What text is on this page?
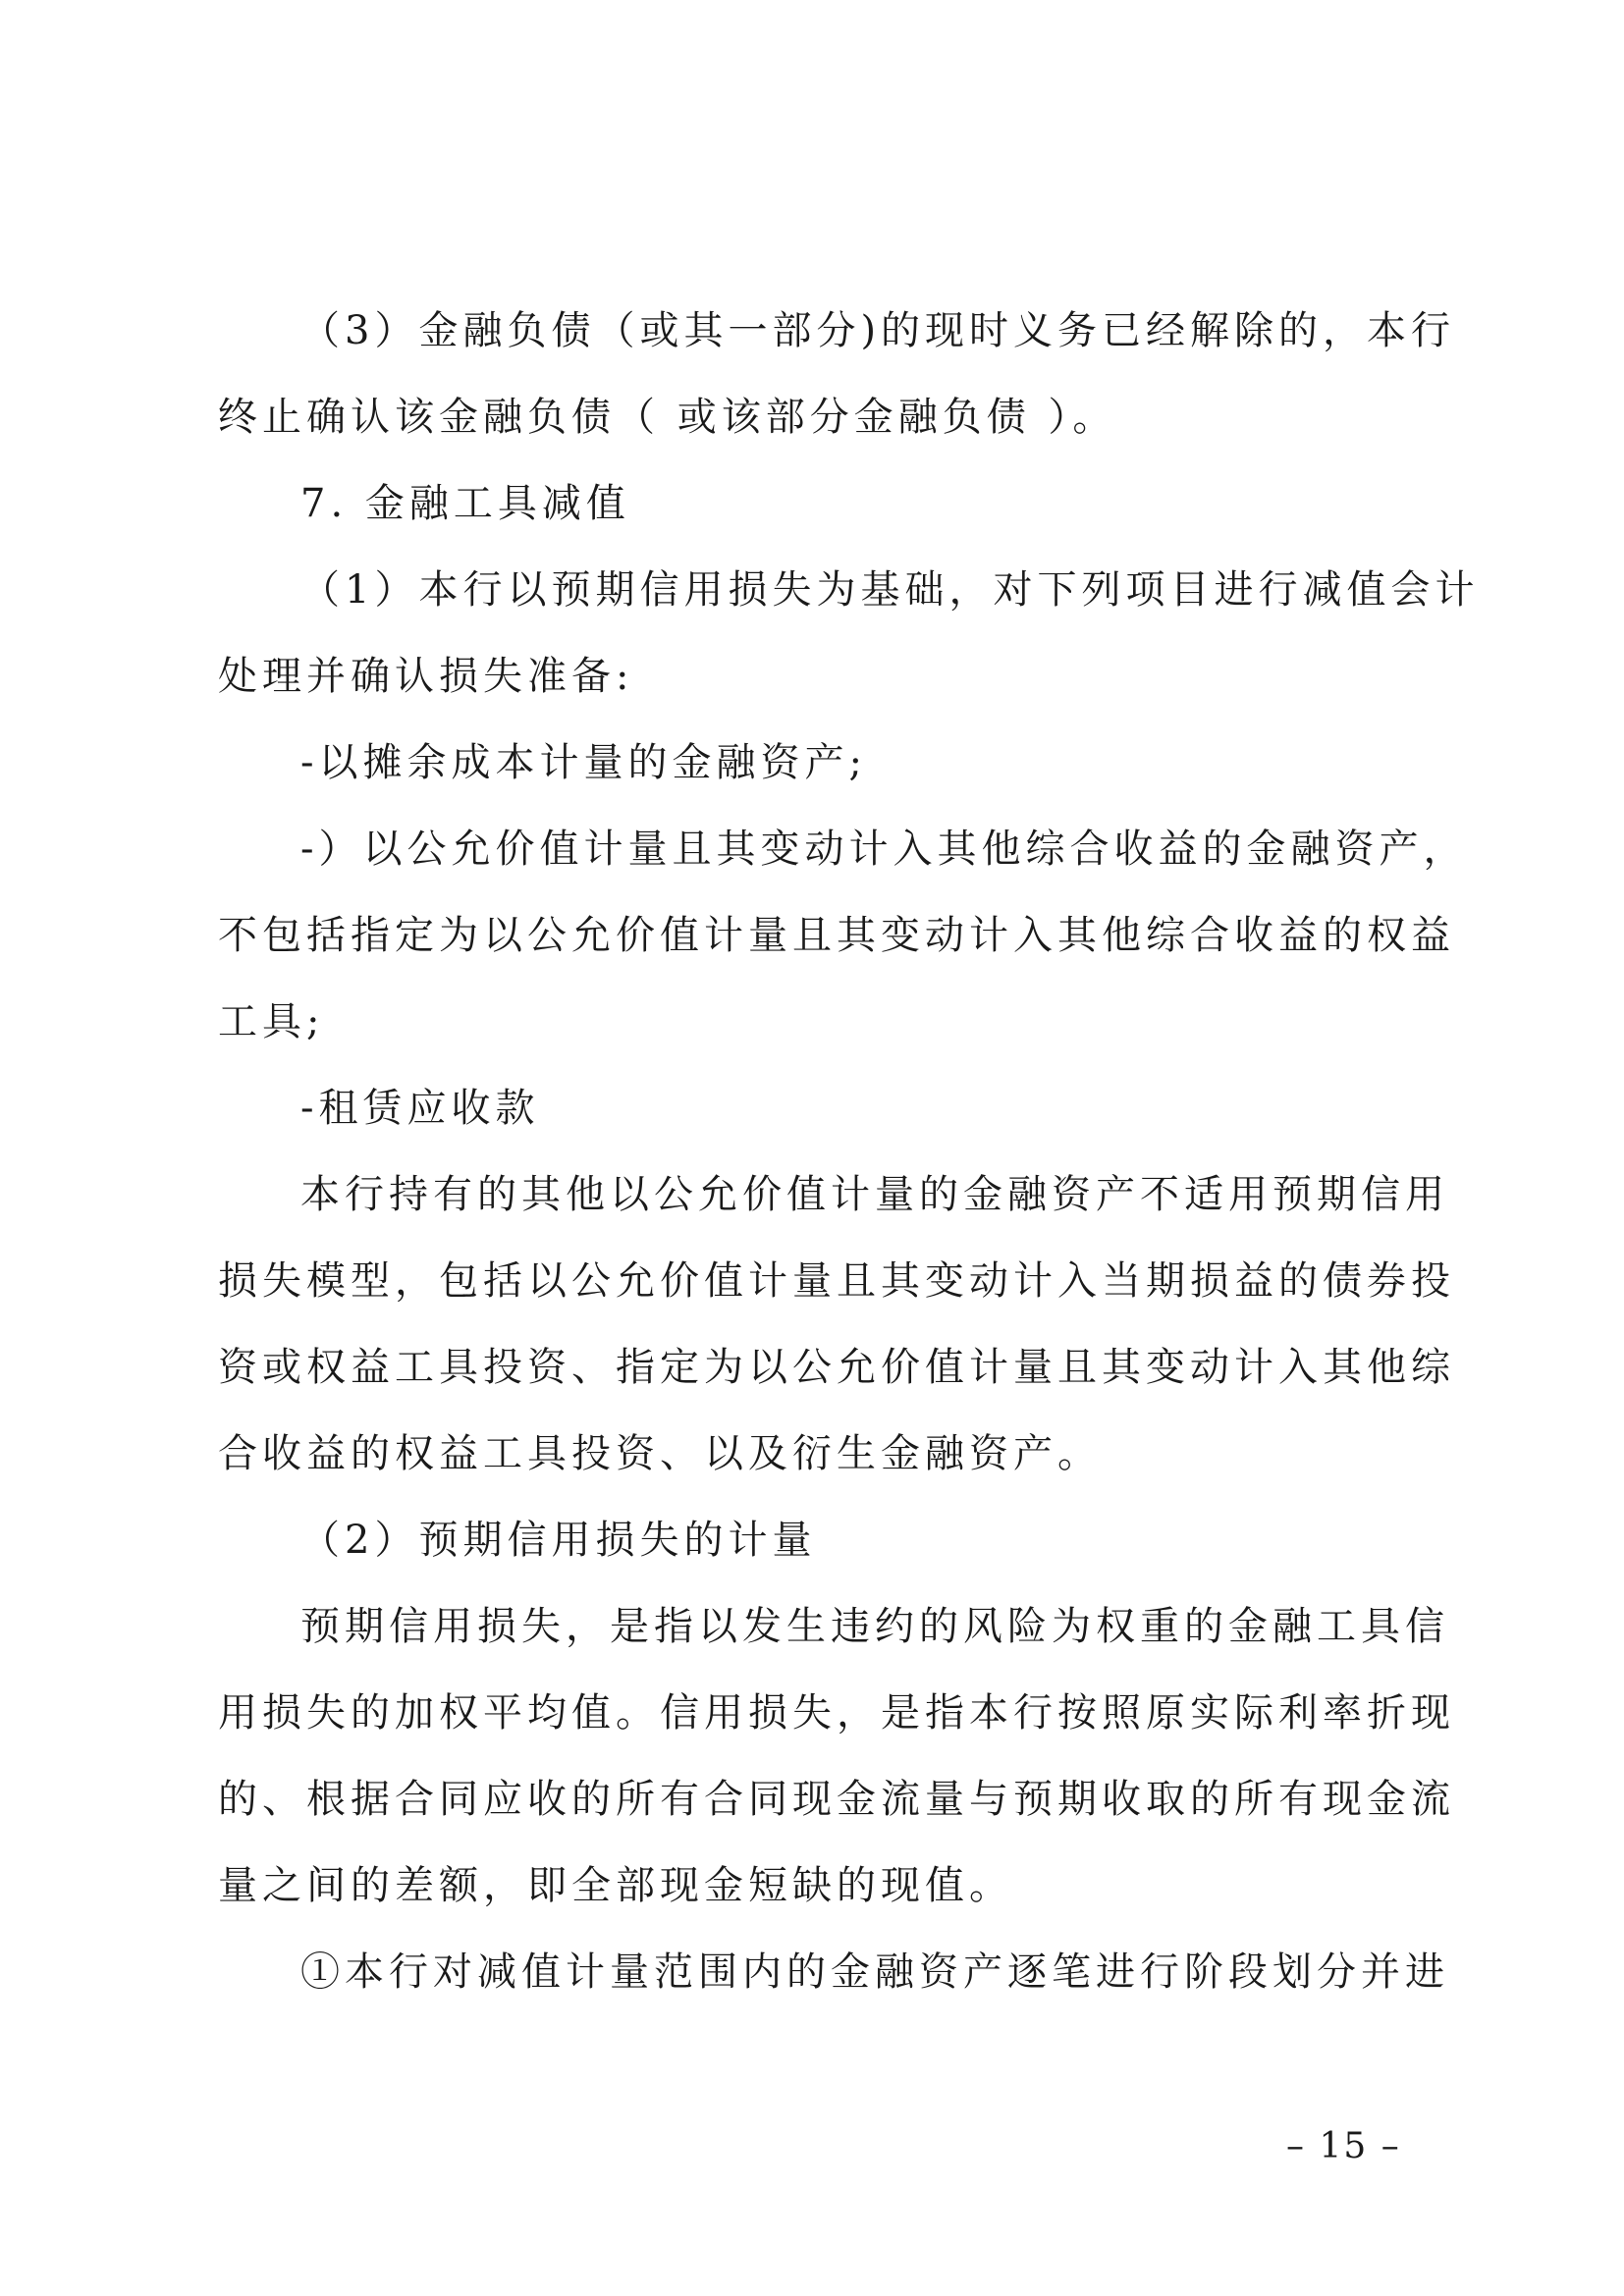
（3）金融负债（或其一部分)的现时义务已经解除的，本行
终止确认该金融负债（ 或该部分金融负债 ）。
7. 金融工具减值
（1）本行以预期信用损失为基础，对下列项目进行减值会计
处理并确认损失准备:
-以摊余成本计量的金融资产;
-）以公允价值计量且其变动计入其他综合收益的金融资产，
不包括指定为以公允价值计量且其变动计入其他综合收益的权益
工具;
-租赁应收款
本行持有的其他以公允价值计量的金融资产不适用预期信用
损失模型，包括以公允价值计量且其变动计入当期损益的债券投
资或权益工具投资、指定为以公允价值计量且其变动计入其他综
合收益的权益工具投资、以及衍生金融资产。
（2）预期信用损失的计量
预期信用损失，是指以发生违约的风险为权重的金融工具信
用损失的加权平均值。信用损失，是指本行按照原实际利率折现
的、根据合同应收的所有合同现金流量与预期收取的所有现金流
量之间的差额，即全部现金短缺的现值。
①本行对减值计量范围内的金融资产逐笔进行阶段划分并进
– 15 –
